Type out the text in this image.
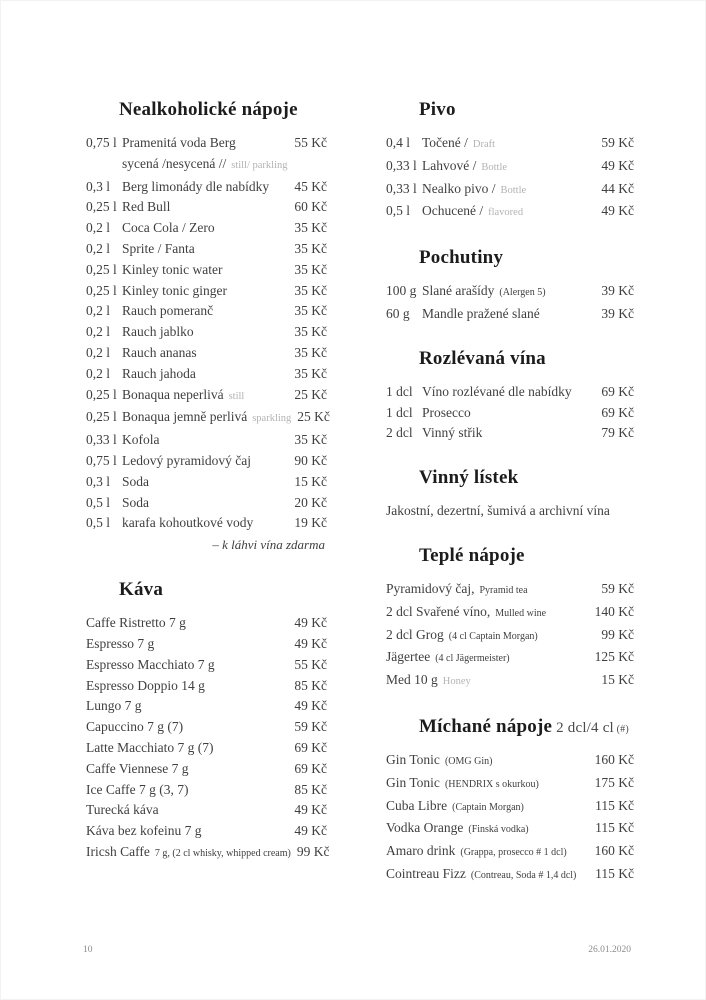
Nealkoholické nápoje
0,75 l Pramenitá voda Berg	55 Kč
sycená /nesycená // still/ parkling
0,3 l Berg limonády dle nabídky	45 Kč
0,25 l Red Bull	60 Kč
0,2 l Coca Cola / Zero	35 Kč
0,2 l Sprite / Fanta	35 Kč
0,25 l Kinley tonic water	35 Kč
0,25 l Kinley tonic ginger	35 Kč
0,2 l Rauch pomeranč	35 Kč
0,2 l Rauch jablko	35 Kč
0,2 l Rauch ananas	35 Kč
0,2 l Rauch jahoda	35 Kč
0,25 l Bonaqua neperlivá still	25 Kč
0,25 l Bonaqua jemně perlivá sparkling 25 Kč
0,33 l Kofola	35 Kč
0,75 l Ledový pyramidový čaj	90 Kč
0,3 l Soda	15 Kč
0,5 l Soda	20 Kč
0,5 l karafa kohoutkové vody	19 Kč
– k láhvi vína zdarma
Káva
Caffe Ristretto 7 g	49 Kč
Espresso 7 g	49 Kč
Espresso Macchiato 7 g	55 Kč
Espresso Doppio 14 g	85 Kč
Lungo 7 g	49 Kč
Capuccino 7 g (7)	59 Kč
Latte Macchiato 7 g (7)	69 Kč
Caffe Viennese 7 g	69 Kč
Ice Caffe 7 g (3, 7)	85 Kč
Turecká káva	49 Kč
Káva bez kofeinu 7 g	49 Kč
Iricsh Caffe 7 g, (2 cl whisky, whipped cream) 99 Kč
Pivo
0,4 l Točené / Draft	59 Kč
0,33 l Lahvové / Bottle	49 Kč
0,33 l Nealko pivo / Bottle	44 Kč
0,5 l Ochucené / flavored	49 Kč
Pochutiny
100 g Slané arašídy (Alergen 5)	39 Kč
60 g Mandle pražené slané	39 Kč
Rozlévaná vína
1 dcl Víno rozlévané dle nabídky	69 Kč
1 dcl Prosecco	69 Kč
2 dcl Vinný střik	79 Kč
Vinný lístek
Jakostní, dezertní, šumivá a archivní vína
Teplé nápoje
Pyramidový čaj, Pyramid tea	59 Kč
2 dcl Svařené víno, Mulled wine	140 Kč
2 dcl Grog (4 cl Captain Morgan)	99 Kč
Jägertee (4 cl Jägermeister)	125 Kč
Med 10 g Honey	15 Kč
Míchané nápoje 2 dcl/4 cl (#)
Gin Tonic (OMG Gin)	160 Kč
Gin Tonic (HENDRIX s okurkou)	175 Kč
Cuba Libre (Captain Morgan)	115 Kč
Vodka Orange (Finská vodka)	115 Kč
Amaro drink (Grappa, prosecco # 1 dcl)	160 Kč
Cointreau Fizz (Contreau, Soda # 1,4 dcl)	115 Kč
10	26.01.2020
